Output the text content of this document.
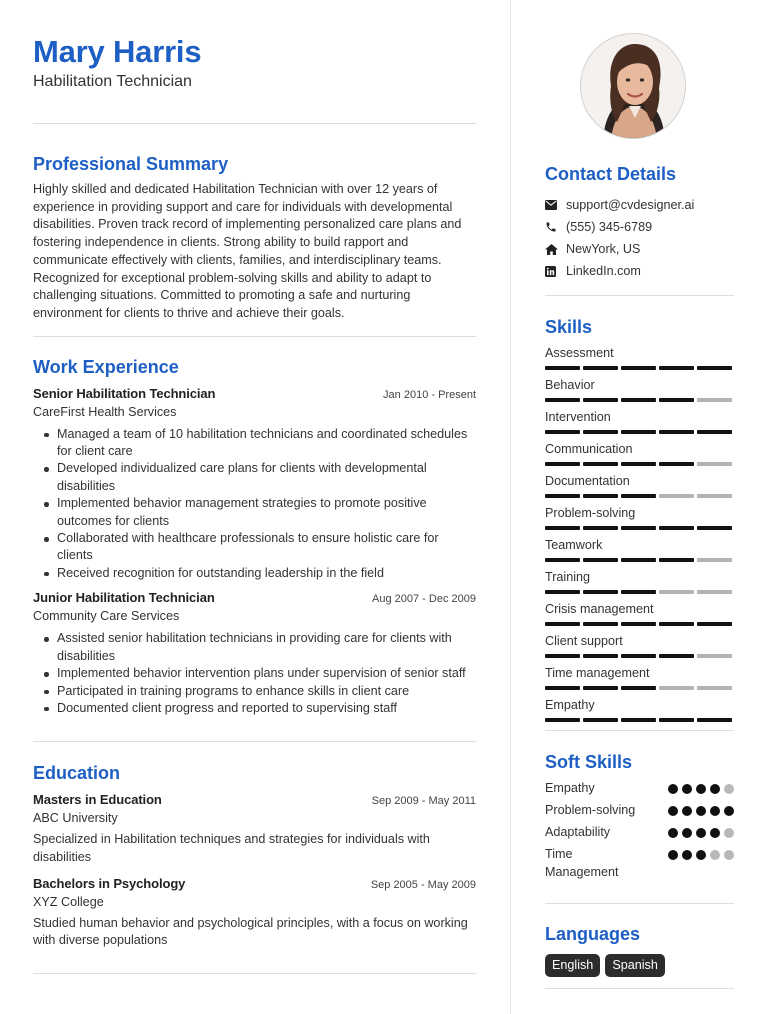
Mary Harris
Habilitation Technician
Professional Summary

Highly skilled and dedicated Habilitation Technician with over 12 years of experience in providing support and care for individuals with developmental disabilities. Proven track record of implementing personalized care plans and fostering independence in clients. Strong ability to build rapport and communicate effectively with clients, families, and interdisciplinary teams. Recognized for exceptional problem-solving skills and ability to adapt to challenging situations. Committed to promoting a safe and nurturing environment for clients to thrive and achieve their goals.

Work Experience
Senior Habilitation Technician	Jan 2010 - Present
CareFirst Health Services
Managed a team of 10 habilitation technicians and coordinated schedules for client care
Developed individualized care plans for clients with developmental disabilities
Implemented behavior management strategies to promote positive outcomes for clients
Collaborated with healthcare professionals to ensure holistic care for clients
Received recognition for outstanding leadership in the field
Junior Habilitation Technician	Aug 2007 - Dec 2009
Community Care Services
Assisted senior habilitation technicians in providing care for clients with disabilities
Implemented behavior intervention plans under supervision of senior staff
Participated in training programs to enhance skills in client care
Documented client progress and reported to supervising staff
Education
Masters in Education	Sep 2009 - May 2011
ABC University

Specialized in Habilitation techniques and strategies for individuals with disabilities

Bachelors in Psychology	Sep 2005 - May 2009
XYZ College

Studied human behavior and psychological principles, with a focus on working with diverse populations

Contact Details
support@cvdesigner.ai
(555) 345-6789
NewYork, US
LinkedIn.com
Skills
Assessment
Behavior
Intervention
Communication
Documentation
Problem-solving
Teamwork
Training
Crisis management
Client support
Time management
Empathy
Soft Skills
Empathy
Problem-solving
Adaptability
Time Management
Languages
English	Spanish
